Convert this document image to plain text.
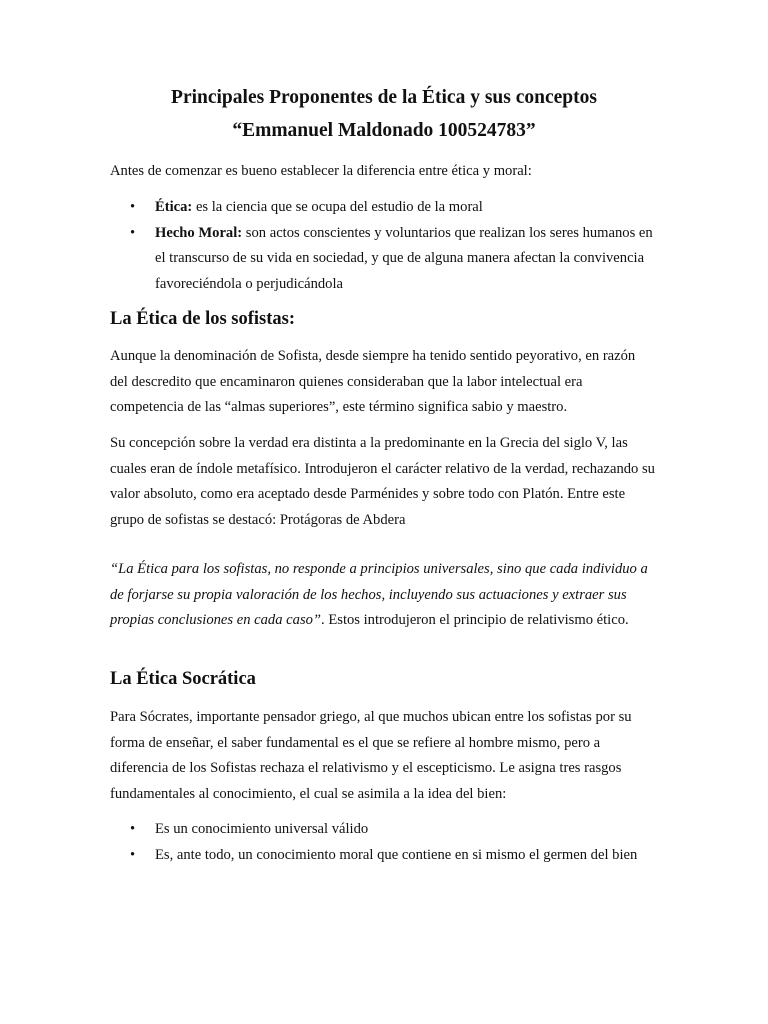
Principales Proponentes de la Ética y sus conceptos
“Emmanuel Maldonado 100524783”

Antes de comenzar es bueno establecer la diferencia entre ética y moral:

• Ética: es la ciencia que se ocupa del estudio de la moral
• Hecho Moral: son actos conscientes y voluntarios que realizan los seres humanos en el transcurso de su vida en sociedad, y que de alguna manera afectan la convivencia favoreciéndola o perjudicándola
La Ética de los sofistas:

Aunque la denominación de Sofista, desde siempre ha tenido sentido peyorativo, en razón del descredito que encaminaron quienes consideraban que la labor intelectual era competencia de las “almas superiores”, este término significa sabio y maestro.

Su concepción sobre la verdad era distinta a la predominante en la Grecia del siglo V, las cuales eran de índole metafísico. Introdujeron el carácter relativo de la verdad, rechazando su valor absoluto, como era aceptado desde Parménides y sobre todo con Platón. Entre este grupo de sofistas se destacó: Protágoras de Abdera

“La Ética para los sofistas, no responde a principios universales, sino que cada individuo a de forjarse su propia valoración de los hechos, incluyendo sus actuaciones y extraer sus propias conclusiones en cada caso”. Estos introdujeron el principio de relativismo ético.

La Ética Socrática

Para Sócrates, importante pensador griego, al que muchos ubican entre los sofistas por su forma de enseñar, el saber fundamental es el que se refiere al hombre mismo, pero a diferencia de los Sofistas rechaza el relativismo y el escepticismo. Le asigna tres rasgos fundamentales al conocimiento, el cual se asimila a la idea del bien:

• Es un conocimiento universal válido
• Es, ante todo, un conocimiento moral que contiene en si mismo el germen del bien
